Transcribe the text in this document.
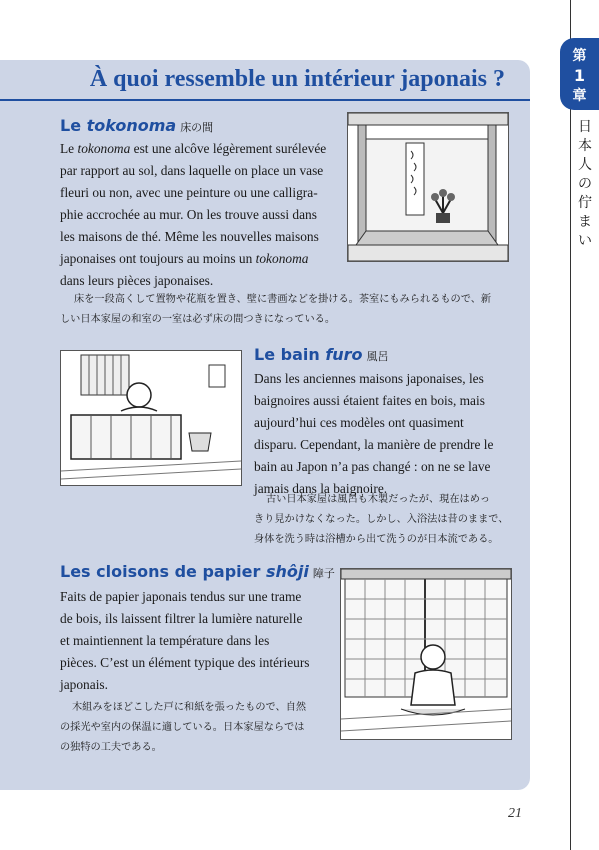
À quoi ressemble un intérieur japonais ?
Le tokonoma 床の間
Le tokonoma est une alcôve légèrement surélevée
par rapport au sol, dans laquelle on place un vase
fleuri ou non, avec une peinture ou une calligra-
phie accrochée au mur. On les trouve aussi dans
les maisons de thé. Même les nouvelles maisons
japonaises ont toujours au moins un tokonoma
dans leurs pièces japonaises.
床を一段高くして置物や花瓶を置き、壁に書画などを掛ける。茶室にもみられるもので、新
しい日本家屋の和室の一室は必ず床の間つきになっている。
Le bain furo 風呂
Dans les anciennes maisons japonaises, les
baignoires aussi étaient faites en bois, mais
aujourd’hui ces modèles ont quasiment
disparu. Cependant, la manière de prendre le
bain au Japon n’a pas changé : on ne se lave
jamais dans la baignoire.
古い日本家屋は風呂も木製だったが、現在はめっ
きり見かけなくなった。しかし、入浴法は昔のままで、
身体を洗う時は浴槽から出て洗うのが日本流である。
Les cloisons de papier shôji 障子
Faits de papier japonais tendus sur une trame
de bois, ils laissent filtrer la lumière naturelle
et maintiennent la température dans les
pièces. C’est un élément typique des intérieurs
japonais.
木組みをほどこした戸に和紙を張ったもので、自然
の採光や室内の保温に適している。日本家屋ならでは
の独特の工夫である。
第
1
章
日
本
人
の
佇
ま
い
21
